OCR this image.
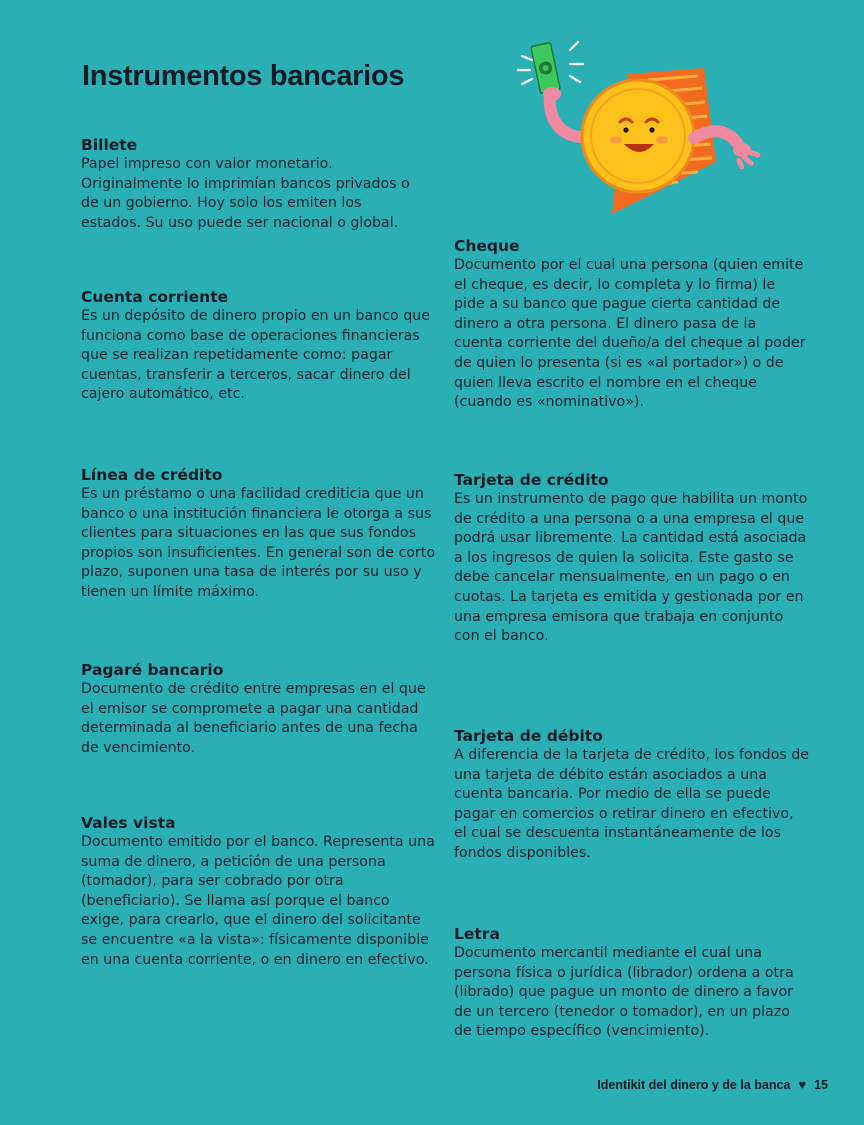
Instrumentos bancarios

Billete

Papel impreso con valor monetario. Originalmente lo imprimían bancos privados o de un gobierno. Hoy solo los emiten los estados. Su uso puede ser nacional o global.

Cuenta corriente

Es un depósito de dinero propio en un banco que funciona como base de operaciones financieras que se realizan repetidamente como: pagar cuentas, transferir a terceros, sacar dinero del cajero automático, etc.

Línea de crédito

Es un préstamo o una facilidad crediticia que un banco o una institución financiera le otorga a sus clientes para situaciones en las que sus fondos propios son insuficientes. En general son de corto plazo, suponen una tasa de interés por su uso y tienen un límite máximo.

Pagaré bancario

Documento de crédito entre empresas en el que el emisor se compromete a pagar una cantidad determinada al beneficiario antes de una fecha de vencimiento.

Vales vista

Documento emitido por el banco. Representa una suma de dinero, a petición de una persona (tomador), para ser cobrado por otra (beneficiario). Se llama así porque el banco exige, para crearlo, que el dinero del solicitante se encuentre «a la vista»: físicamente disponible en una cuenta corriente, o en dinero en efectivo.

Cheque

Documento por el cual una persona (quien emite el cheque, es decir, lo completa y lo firma) le pide a su banco que pague cierta cantidad de dinero a otra persona. El dinero pasa de la cuenta corriente del dueño/a del cheque al poder de quien lo presenta (si es «al portador») o de quien lleva escrito el nombre en el cheque (cuando es «nominativo»).

Tarjeta de crédito

Es un instrumento de pago que habilita un monto de crédito a una persona o a una empresa el que podrá usar libremente. La cantidad está asociada a los ingresos de quien la solicita. Este gasto se debe cancelar mensualmente, en un pago o en cuotas. La tarjeta es emitida y gestionada por en una empresa emisora que trabaja en conjunto con el banco.

Tarjeta de débito

A diferencia de la tarjeta de crédito, los fondos de una tarjeta de débito están asociados a una cuenta bancaria. Por medio de ella se puede pagar en comercios o retirar dinero en efectivo, el cual se descuenta instantáneamente de los fondos disponibles.

Letra

Documento mercantil mediante el cual una persona física o jurídica (librador) ordena a otra (librado) que pague un monto de dinero a favor de un tercero (tenedor o tomador), en un plazo de tiempo específico (vencimiento).

Identikit del dinero y de la banca ♥ 15
